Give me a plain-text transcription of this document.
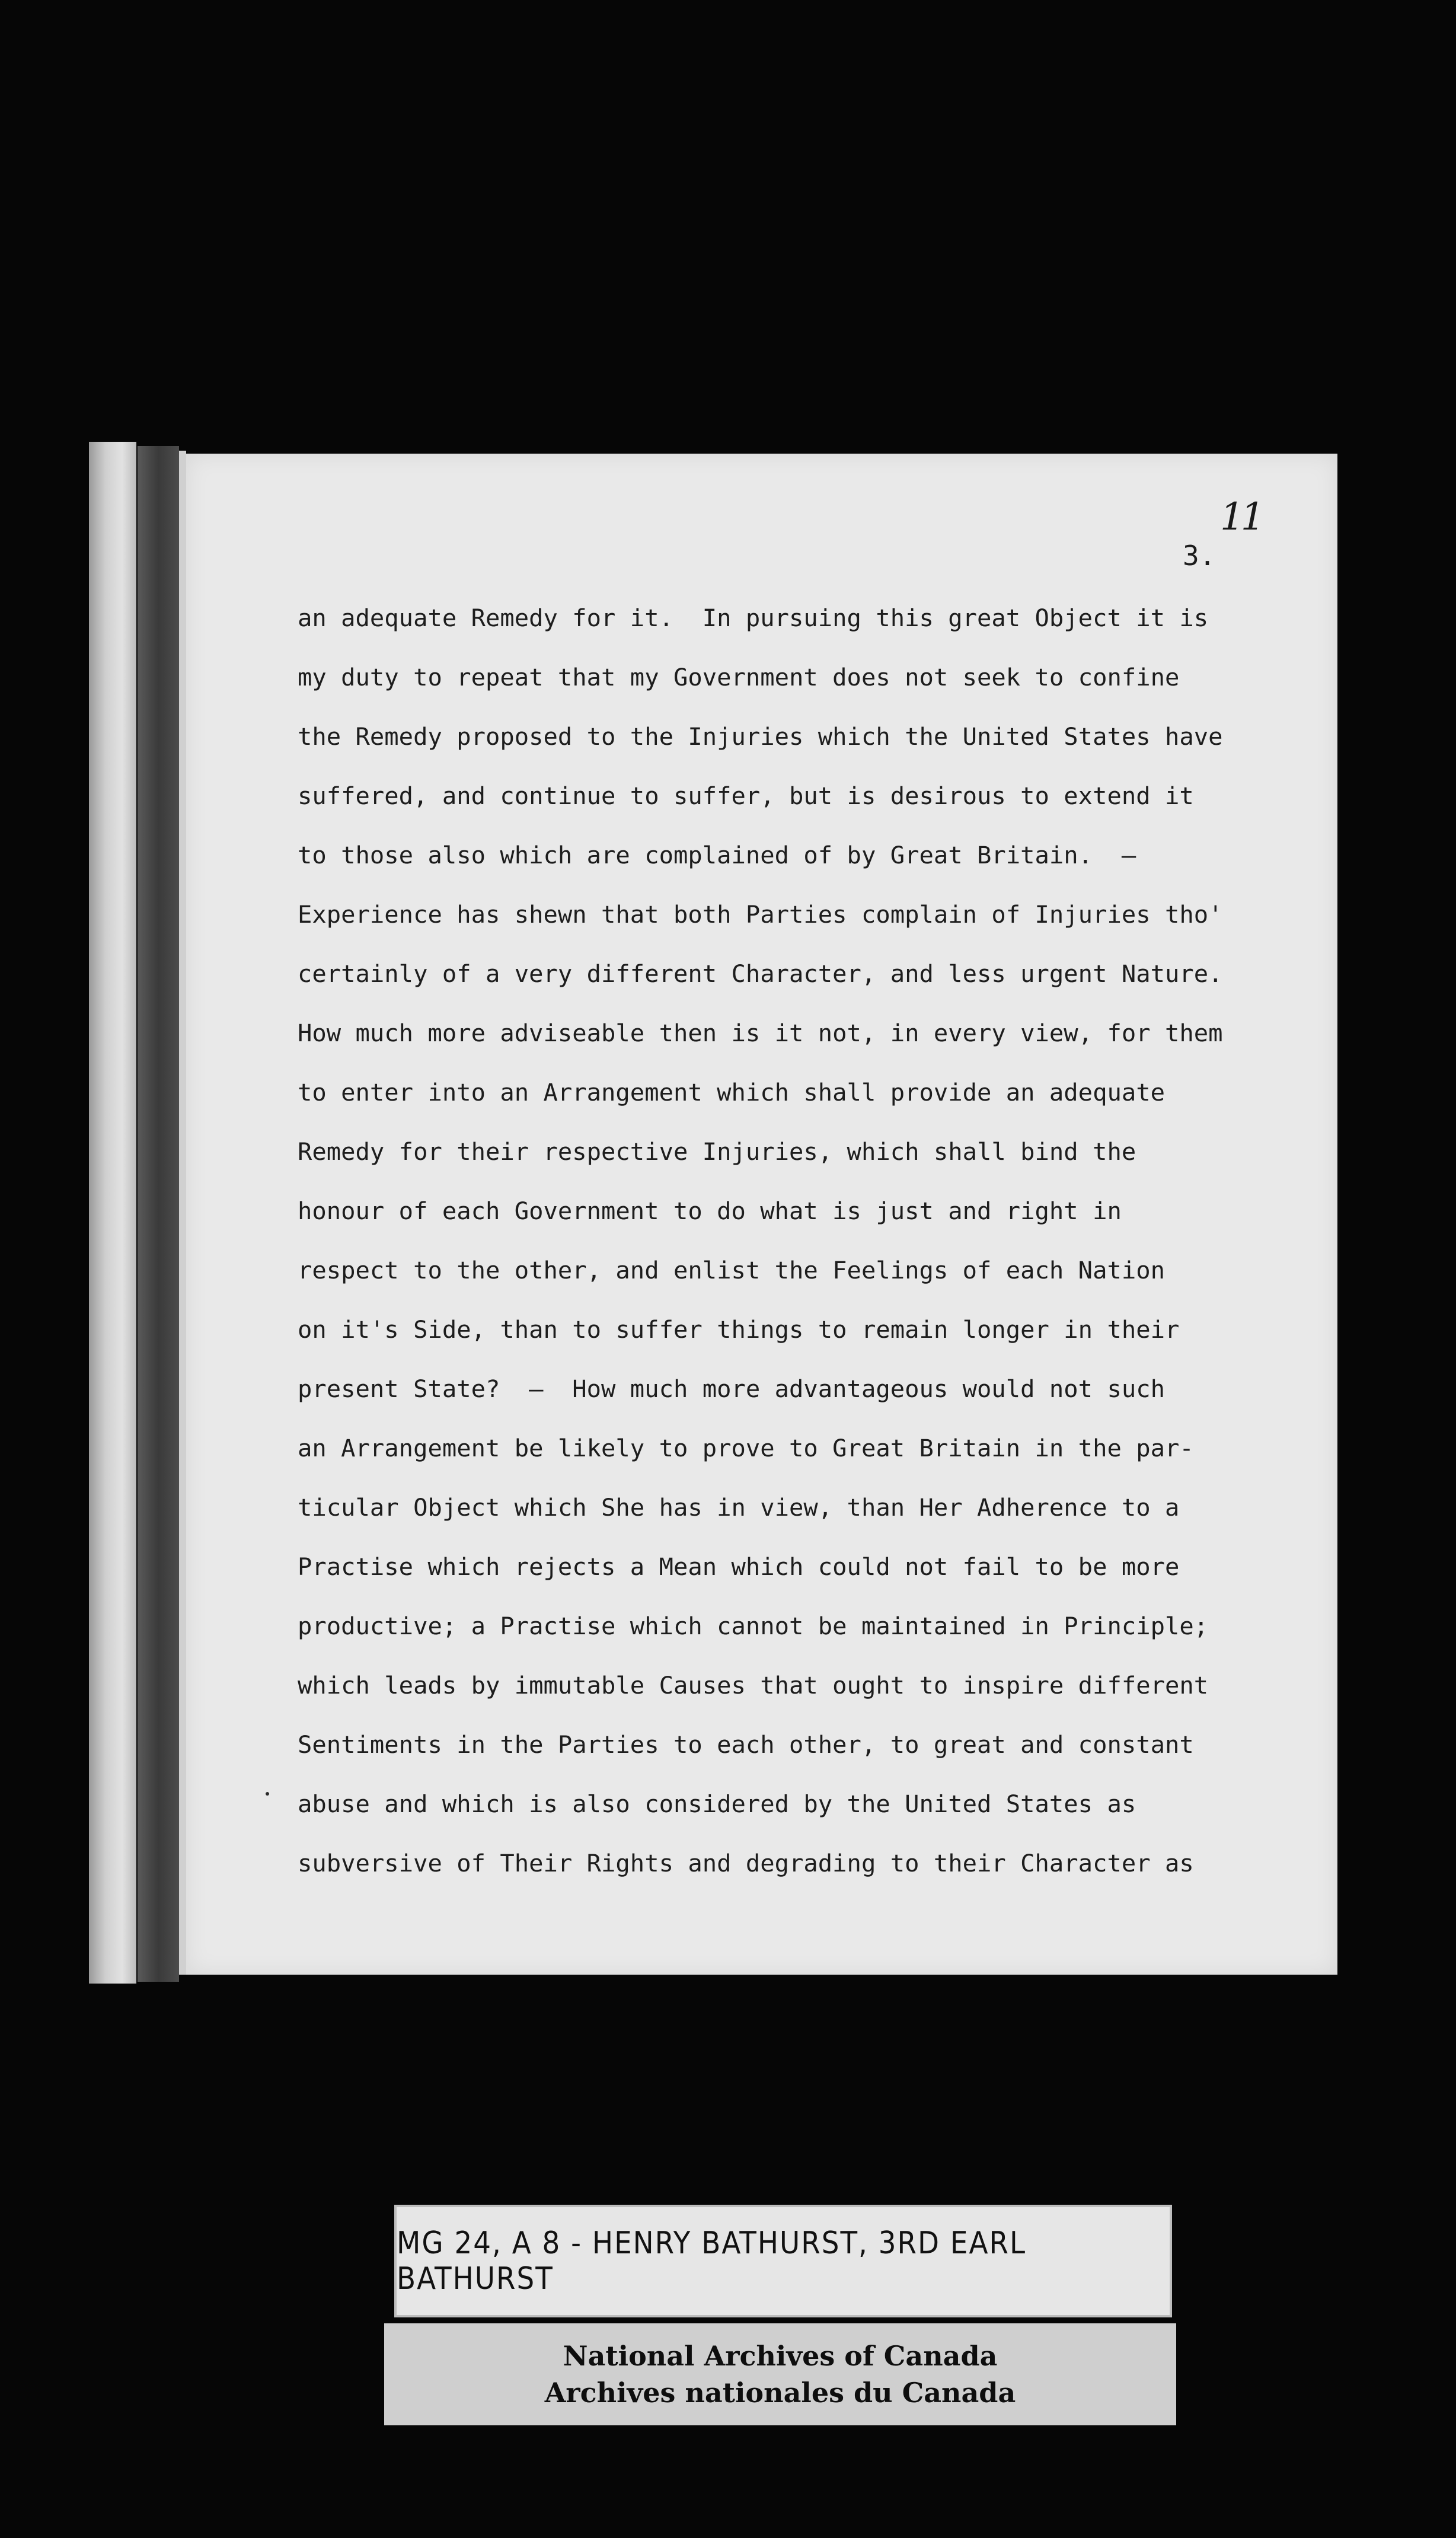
11
3.
an adequate Remedy for it.  In pursuing this great Object it is
my duty to repeat that my Government does not seek to confine
the Remedy proposed to the Injuries which the United States have
suffered, and continue to suffer, but is desirous to extend it
to those also which are complained of by Great Britain.  —
Experience has shewn that both Parties complain of Injuries tho'
certainly of a very different Character, and less urgent Nature.
How much more adviseable then is it not, in every view, for them
to enter into an Arrangement which shall provide an adequate
Remedy for their respective Injuries, which shall bind the
honour of each Government to do what is just and right in
respect to the other, and enlist the Feelings of each Nation
on it's Side, than to suffer things to remain longer in their
present State?  —  How much more advantageous would not such
an Arrangement be likely to prove to Great Britain in the par-
ticular Object which She has in view, than Her Adherence to a
Practise which rejects a Mean which could not fail to be more
productive; a Practise which cannot be maintained in Principle;
which leads by immutable Causes that ought to inspire different
Sentiments in the Parties to each other, to great and constant
abuse and which is also considered by the United States as
subversive of Their Rights and degrading to their Character as
MG 24, A 8 - HENRY BATHURST, 3RD EARL BATHURST
National Archives of Canada
Archives nationales du Canada
